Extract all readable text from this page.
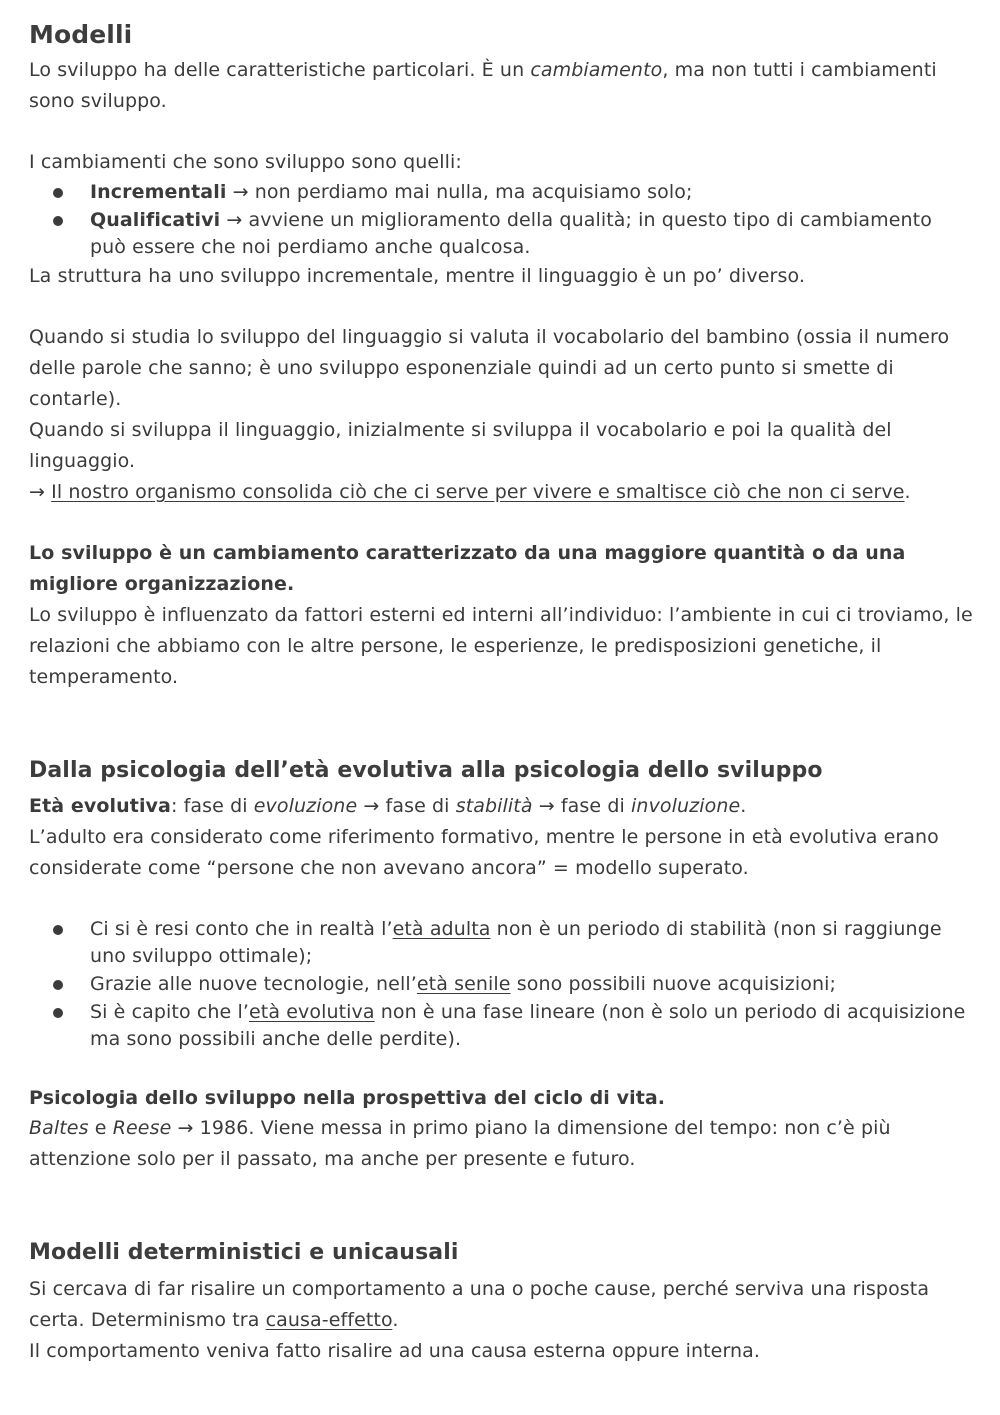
Modelli

Lo sviluppo ha delle caratteristiche particolari. È un cambiamento, ma non tutti i cambiamenti sono sviluppo.

I cambiamenti che sono sviluppo sono quelli:

Incrementali → non perdiamo mai nulla, ma acquisiamo solo;
Qualificativi → avviene un miglioramento della qualità; in questo tipo di cambiamento può essere che noi perdiamo anche qualcosa.

La struttura ha uno sviluppo incrementale, mentre il linguaggio è un po’ diverso.

Quando si studia lo sviluppo del linguaggio si valuta il vocabolario del bambino (ossia il numero delle parole che sanno; è uno sviluppo esponenziale quindi ad un certo punto si smette di contarle).

Quando si sviluppa il linguaggio, inizialmente si sviluppa il vocabolario e poi la qualità del linguaggio.

→ Il nostro organismo consolida ciò che ci serve per vivere e smaltisce ciò che non ci serve.

Lo sviluppo è un cambiamento caratterizzato da una maggiore quantità o da una migliore organizzazione.

Lo sviluppo è influenzato da fattori esterni ed interni all’individuo: l’ambiente in cui ci troviamo, le relazioni che abbiamo con le altre persone, le esperienze, le predisposizioni genetiche, il temperamento.

Dalla psicologia dell’età evolutiva alla psicologia dello sviluppo

Età evolutiva: fase di evoluzione → fase di stabilità → fase di involuzione.

L’adulto era considerato come riferimento formativo, mentre le persone in età evolutiva erano considerate come “persone che non avevano ancora” = modello superato.

Ci si è resi conto che in realtà l’età adulta non è un periodo di stabilità (non si raggiunge uno sviluppo ottimale);
Grazie alle nuove tecnologie, nell’età senile sono possibili nuove acquisizioni;
Si è capito che l’età evolutiva non è una fase lineare (non è solo un periodo di acquisizione ma sono possibili anche delle perdite).

Psicologia dello sviluppo nella prospettiva del ciclo di vita.

Baltes e Reese → 1986. Viene messa in primo piano la dimensione del tempo: non c’è più attenzione solo per il passato, ma anche per presente e futuro.

Modelli deterministici e unicausali

Si cercava di far risalire un comportamento a una o poche cause, perché serviva una risposta certa. Determinismo tra causa-effetto.

Il comportamento veniva fatto risalire ad una causa esterna oppure interna.
